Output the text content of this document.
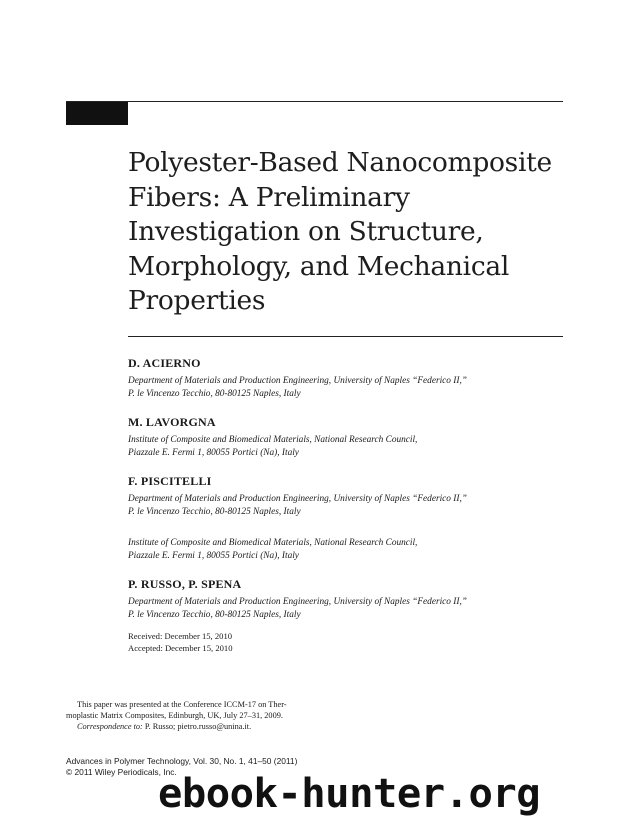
Polyester-Based Nanocomposite
Fibers: A Preliminary
Investigation on Structure,
Morphology, and Mechanical
Properties
D. ACIERNO
Department of Materials and Production Engineering, University of Naples “Federico II,”
P. le Vincenzo Tecchio, 80-80125 Naples, Italy
M. LAVORGNA
Institute of Composite and Biomedical Materials, National Research Council,
Piazzale E. Fermi 1, 80055 Portici (Na), Italy
F. PISCITELLI
Department of Materials and Production Engineering, University of Naples “Federico II,”
P. le Vincenzo Tecchio, 80-80125 Naples, Italy
Institute of Composite and Biomedical Materials, National Research Council,
Piazzale E. Fermi 1, 80055 Portici (Na), Italy
P. RUSSO, P. SPENA
Department of Materials and Production Engineering, University of Naples “Federico II,”
P. le Vincenzo Tecchio, 80-80125 Naples, Italy
Received: December 15, 2010
Accepted: December 15, 2010
This paper was presented at the Conference ICCM-17 on Ther-
moplastic Matrix Composites, Edinburgh, UK, July 27–31, 2009.
Correspondence to: P. Russo; pietro.russo@unina.it.
Advances in Polymer Technology, Vol. 30, No. 1, 41–50 (2011)
© 2011 Wiley Periodicals, Inc.
ebook-hunter.org
